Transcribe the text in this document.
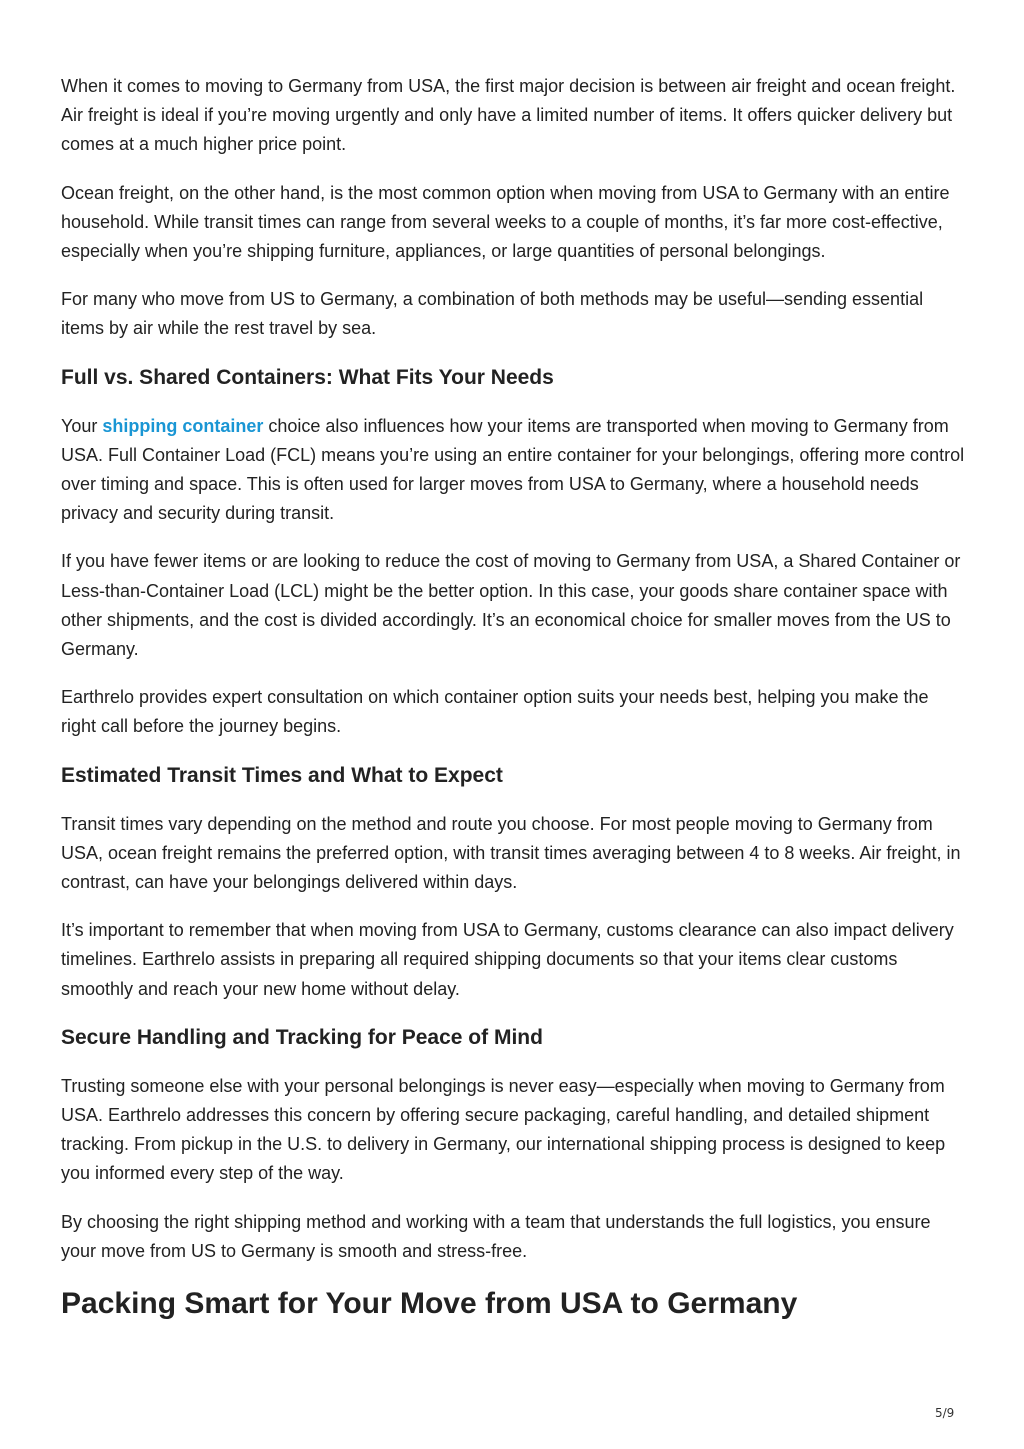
When it comes to moving to Germany from USA, the first major decision is between air freight and ocean freight. Air freight is ideal if you’re moving urgently and only have a limited number of items. It offers quicker delivery but comes at a much higher price point.

Ocean freight, on the other hand, is the most common option when moving from USA to Germany with an entire household. While transit times can range from several weeks to a couple of months, it’s far more cost-effective, especially when you’re shipping furniture, appliances, or large quantities of personal belongings.

For many who move from US to Germany, a combination of both methods may be useful—sending essential items by air while the rest travel by sea.

Full vs. Shared Containers: What Fits Your Needs

Your shipping container choice also influences how your items are transported when moving to Germany from USA. Full Container Load (FCL) means you’re using an entire container for your belongings, offering more control over timing and space. This is often used for larger moves from USA to Germany, where a household needs privacy and security during transit.

If you have fewer items or are looking to reduce the cost of moving to Germany from USA, a Shared Container or Less-than-Container Load (LCL) might be the better option. In this case, your goods share container space with other shipments, and the cost is divided accordingly. It’s an economical choice for smaller moves from the US to Germany.

Earthrelo provides expert consultation on which container option suits your needs best, helping you make the right call before the journey begins.

Estimated Transit Times and What to Expect

Transit times vary depending on the method and route you choose. For most people moving to Germany from USA, ocean freight remains the preferred option, with transit times averaging between 4 to 8 weeks. Air freight, in contrast, can have your belongings delivered within days.

It’s important to remember that when moving from USA to Germany, customs clearance can also impact delivery timelines. Earthrelo assists in preparing all required shipping documents so that your items clear customs smoothly and reach your new home without delay.

Secure Handling and Tracking for Peace of Mind

Trusting someone else with your personal belongings is never easy—especially when moving to Germany from USA. Earthrelo addresses this concern by offering secure packaging, careful handling, and detailed shipment tracking. From pickup in the U.S. to delivery in Germany, our international shipping process is designed to keep you informed every step of the way.

By choosing the right shipping method and working with a team that understands the full logistics, you ensure your move from US to Germany is smooth and stress-free.

Packing Smart for Your Move from USA to Germany
5/9
